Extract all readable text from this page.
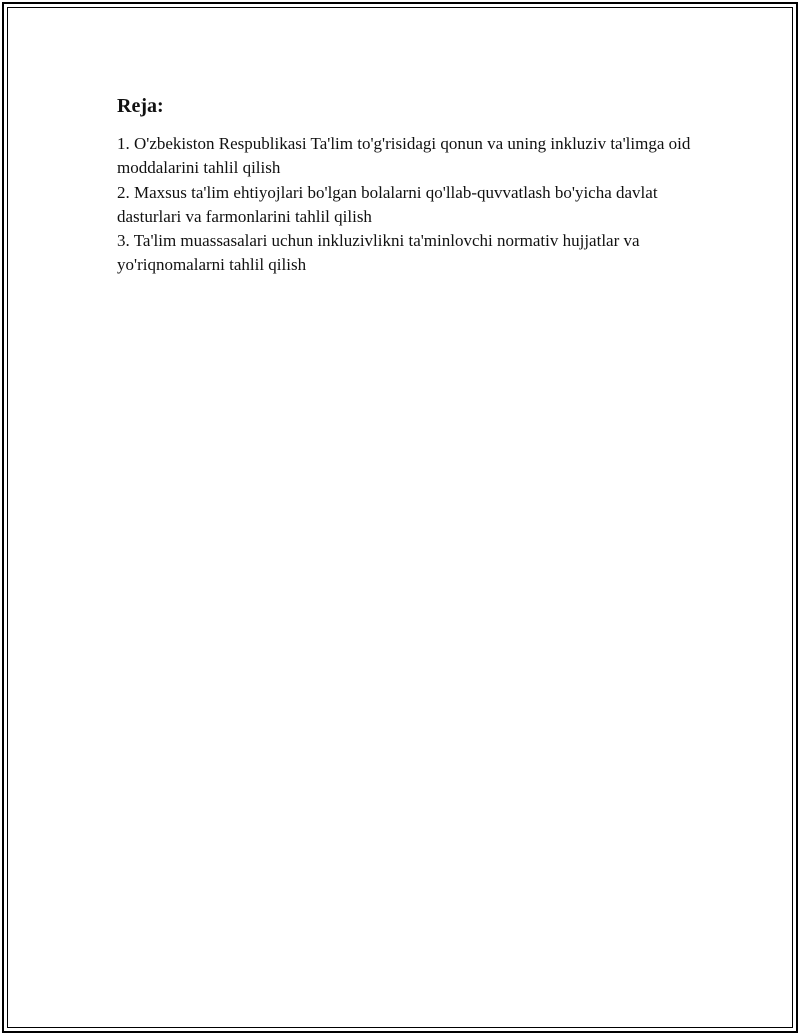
Reja:
1. O'zbekiston Respublikasi Ta'lim to'g'risidagi qonun va uning inkluziv ta'limga oid moddalarini tahlil qilish
2. Maxsus ta'lim ehtiyojlari bo'lgan bolalarni qo'llab-quvvatlash bo'yicha davlat dasturlari va farmonlarini tahlil qilish
3. Ta'lim muassasalari uchun inkluzivlikni ta'minlovchi normativ hujjatlar va yo'riqnomalarni tahlil qilish
